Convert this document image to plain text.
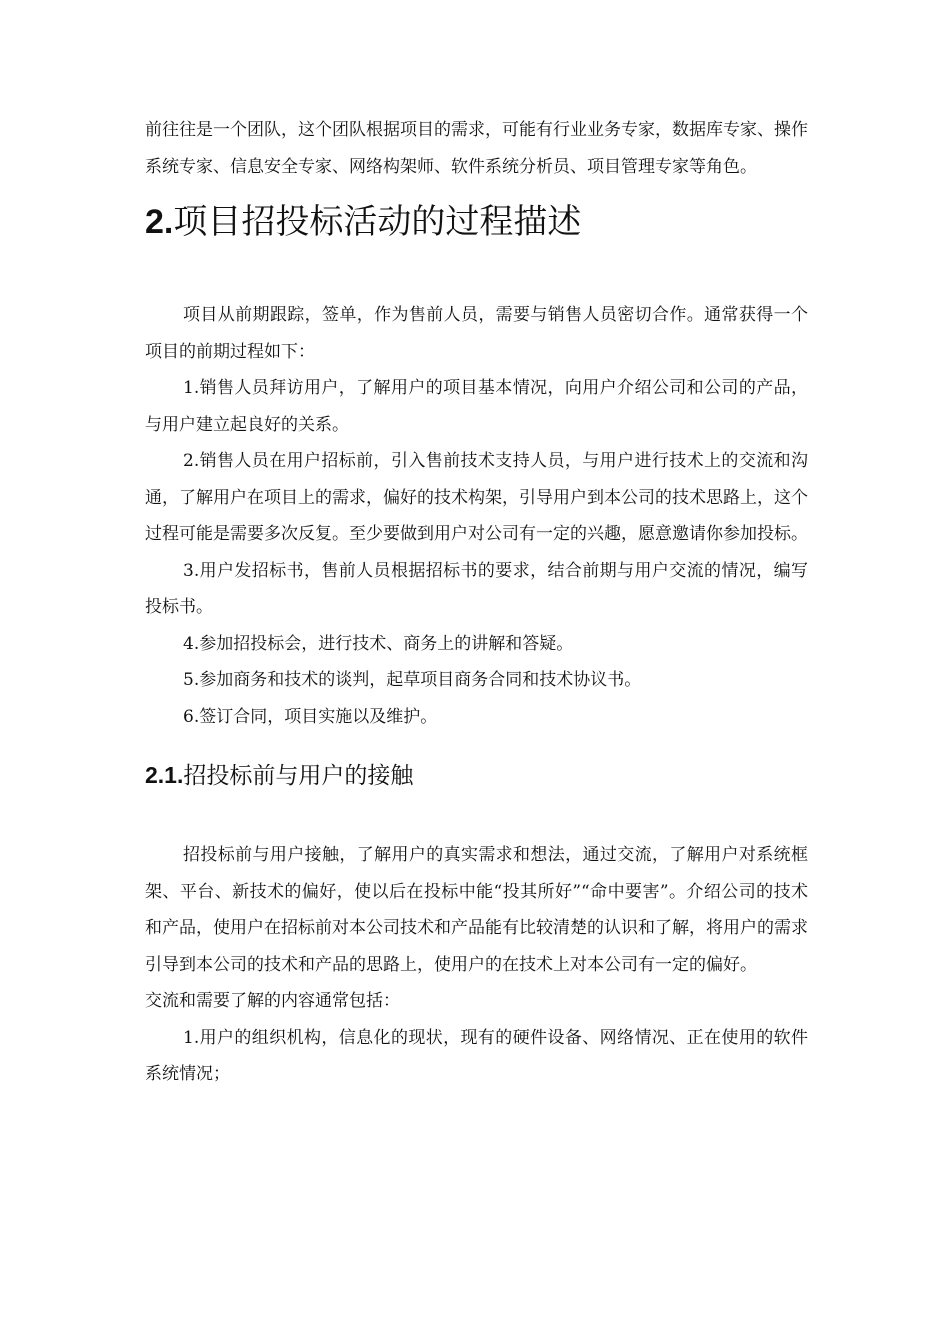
前往往是一个团队，这个团队根据项目的需求，可能有行业业务专家，数据库专家、操作系统专家、信息安全专家、网络构架师、软件系统分析员、项目管理专家等角色。

2.项目招投标活动的过程描述

项目从前期跟踪，签单，作为售前人员，需要与销售人员密切合作。通常获得一个项目的前期过程如下：

1.销售人员拜访用户，了解用户的项目基本情况，向用户介绍公司和公司的产品，与用户建立起良好的关系。

2.销售人员在用户招标前，引入售前技术支持人员，与用户进行技术上的交流和沟通，了解用户在项目上的需求，偏好的技术构架，引导用户到本公司的技术思路上，这个过程可能是需要多次反复。至少要做到用户对公司有一定的兴趣，愿意邀请你参加投标。

3.用户发招标书，售前人员根据招标书的要求，结合前期与用户交流的情况，编写投标书。

4.参加招投标会，进行技术、商务上的讲解和答疑。

5.参加商务和技术的谈判，起草项目商务合同和技术协议书。

6.签订合同，项目实施以及维护。

2.1.招投标前与用户的接触

招投标前与用户接触，了解用户的真实需求和想法，通过交流，了解用户对系统框架、平台、新技术的偏好，使以后在投标中能“投其所好”“命中要害”。介绍公司的技术和产品，使用户在招标前对本公司技术和产品能有比较清楚的认识和了解，将用户的需求引导到本公司的技术和产品的思路上，使用户的在技术上对本公司有一定的偏好。

交流和需要了解的内容通常包括：

1.用户的组织机构，信息化的现状，现有的硬件设备、网络情况、正在使用的软件系统情况；
